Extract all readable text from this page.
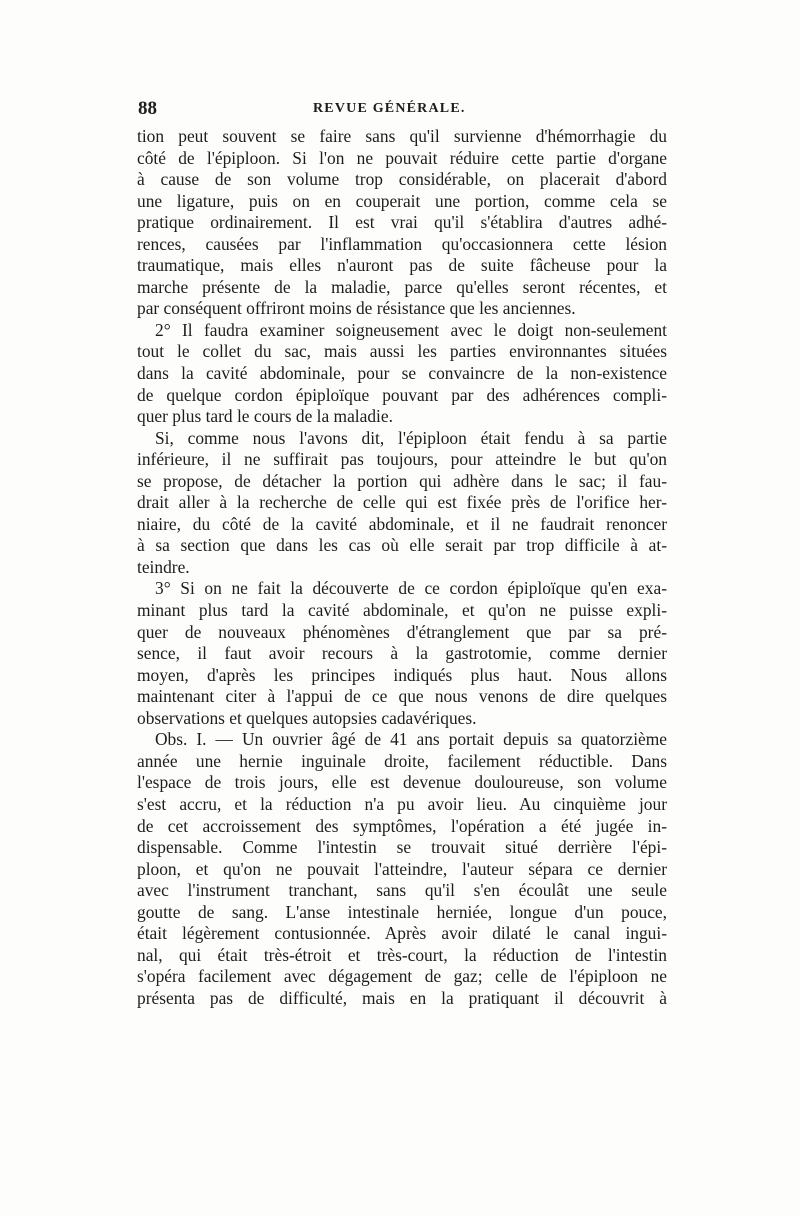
88	REVUE GÉNÉRALE.
tion peut souvent se faire sans qu'il survienne d'hémorrhagie du
côté de l'épiploon. Si l'on ne pouvait réduire cette partie d'organe
à cause de son volume trop considérable, on placerait d'abord
une ligature, puis on en couperait une portion, comme cela se
pratique ordinairement. Il est vrai qu'il s'établira d'autres adhé-
rences, causées par l'inflammation qu'occasionnera cette lésion
traumatique, mais elles n'auront pas de suite fâcheuse pour la
marche présente de la maladie, parce qu'elles seront récentes, et
par conséquent offriront moins de résistance que les anciennes.
2° Il faudra examiner soigneusement avec le doigt non-seulement
tout le collet du sac, mais aussi les parties environnantes situées
dans la cavité abdominale, pour se convaincre de la non-existence
de quelque cordon épiploïque pouvant par des adhérences compli-
quer plus tard le cours de la maladie.
Si, comme nous l'avons dit, l'épiploon était fendu à sa partie
inférieure, il ne suffirait pas toujours, pour atteindre le but qu'on
se propose, de détacher la portion qui adhère dans le sac; il fau-
drait aller à la recherche de celle qui est fixée près de l'orifice her-
niaire, du côté de la cavité abdominale, et il ne faudrait renoncer
à sa section que dans les cas où elle serait par trop difficile à at-
teindre.
3° Si on ne fait la découverte de ce cordon épiploïque qu'en exa-
minant plus tard la cavité abdominale, et qu'on ne puisse expli-
quer de nouveaux phénomènes d'étranglement que par sa pré-
sence, il faut avoir recours à la gastrotomie, comme dernier
moyen, d'après les principes indiqués plus haut. Nous allons
maintenant citer à l'appui de ce que nous venons de dire quelques
observations et quelques autopsies cadavériques.
Obs. I. — Un ouvrier âgé de 41 ans portait depuis sa quatorzième
année une hernie inguinale droite, facilement réductible. Dans
l'espace de trois jours, elle est devenue douloureuse, son volume
s'est accru, et la réduction n'a pu avoir lieu. Au cinquième jour
de cet accroissement des symptômes, l'opération a été jugée in-
dispensable. Comme l'intestin se trouvait situé derrière l'épi-
ploon, et qu'on ne pouvait l'atteindre, l'auteur sépara ce dernier
avec l'instrument tranchant, sans qu'il s'en écoulât une seule
goutte de sang. L'anse intestinale herniée, longue d'un pouce,
était légèrement contusionnée. Après avoir dilaté le canal ingui-
nal, qui était très-étroit et très-court, la réduction de l'intestin
s'opéra facilement avec dégagement de gaz; celle de l'épiploon ne
présenta pas de difficulté, mais en la pratiquant il découvrit à
